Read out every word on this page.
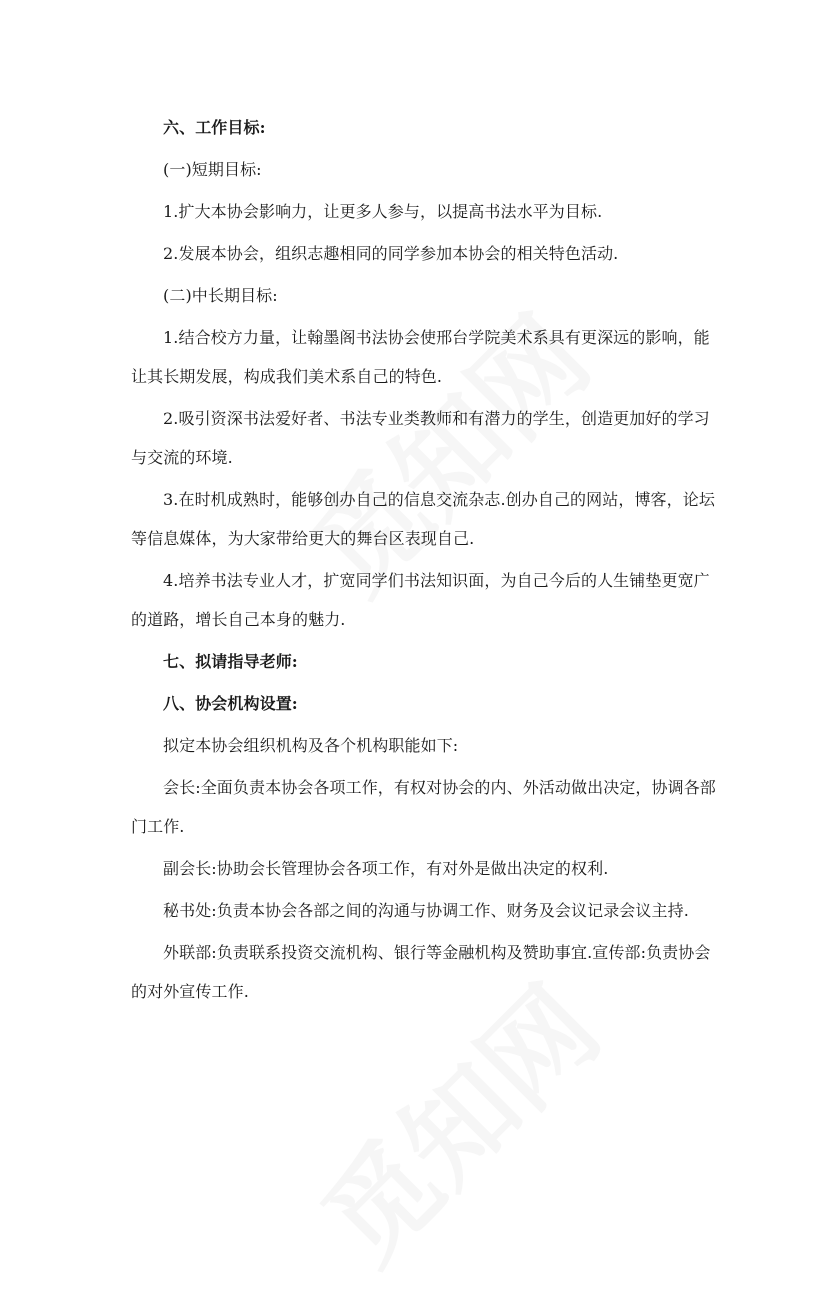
六、工作目标:

(一)短期目标:

1.扩大本协会影响力，让更多人参与，以提高书法水平为目标.

2.发展本协会，组织志趣相同的同学参加本协会的相关特色活动.

(二)中长期目标:

1.结合校方力量，让翰墨阁书法协会使邢台学院美术系具有更深远的影响，能让其长期发展，构成我们美术系自己的特色.

2.吸引资深书法爱好者、书法专业类教师和有潜力的学生，创造更加好的学习与交流的环境.

3.在时机成熟时，能够创办自己的信息交流杂志.创办自己的网站，博客，论坛等信息媒体，为大家带给更大的舞台区表现自己.

4.培养书法专业人才，扩宽同学们书法知识面，为自己今后的人生铺垫更宽广的道路，增长自己本身的魅力.

七、拟请指导老师:

八、协会机构设置:

拟定本协会组织机构及各个机构职能如下:

会长:全面负责本协会各项工作，有权对协会的内、外活动做出决定，协调各部门工作.

副会长:协助会长管理协会各项工作，有对外是做出决定的权利.

秘书处:负责本协会各部之间的沟通与协调工作、财务及会议记录会议主持.

外联部:负责联系投资交流机构、银行等金融机构及赞助事宜.宣传部:负责协会的对外宣传工作.
